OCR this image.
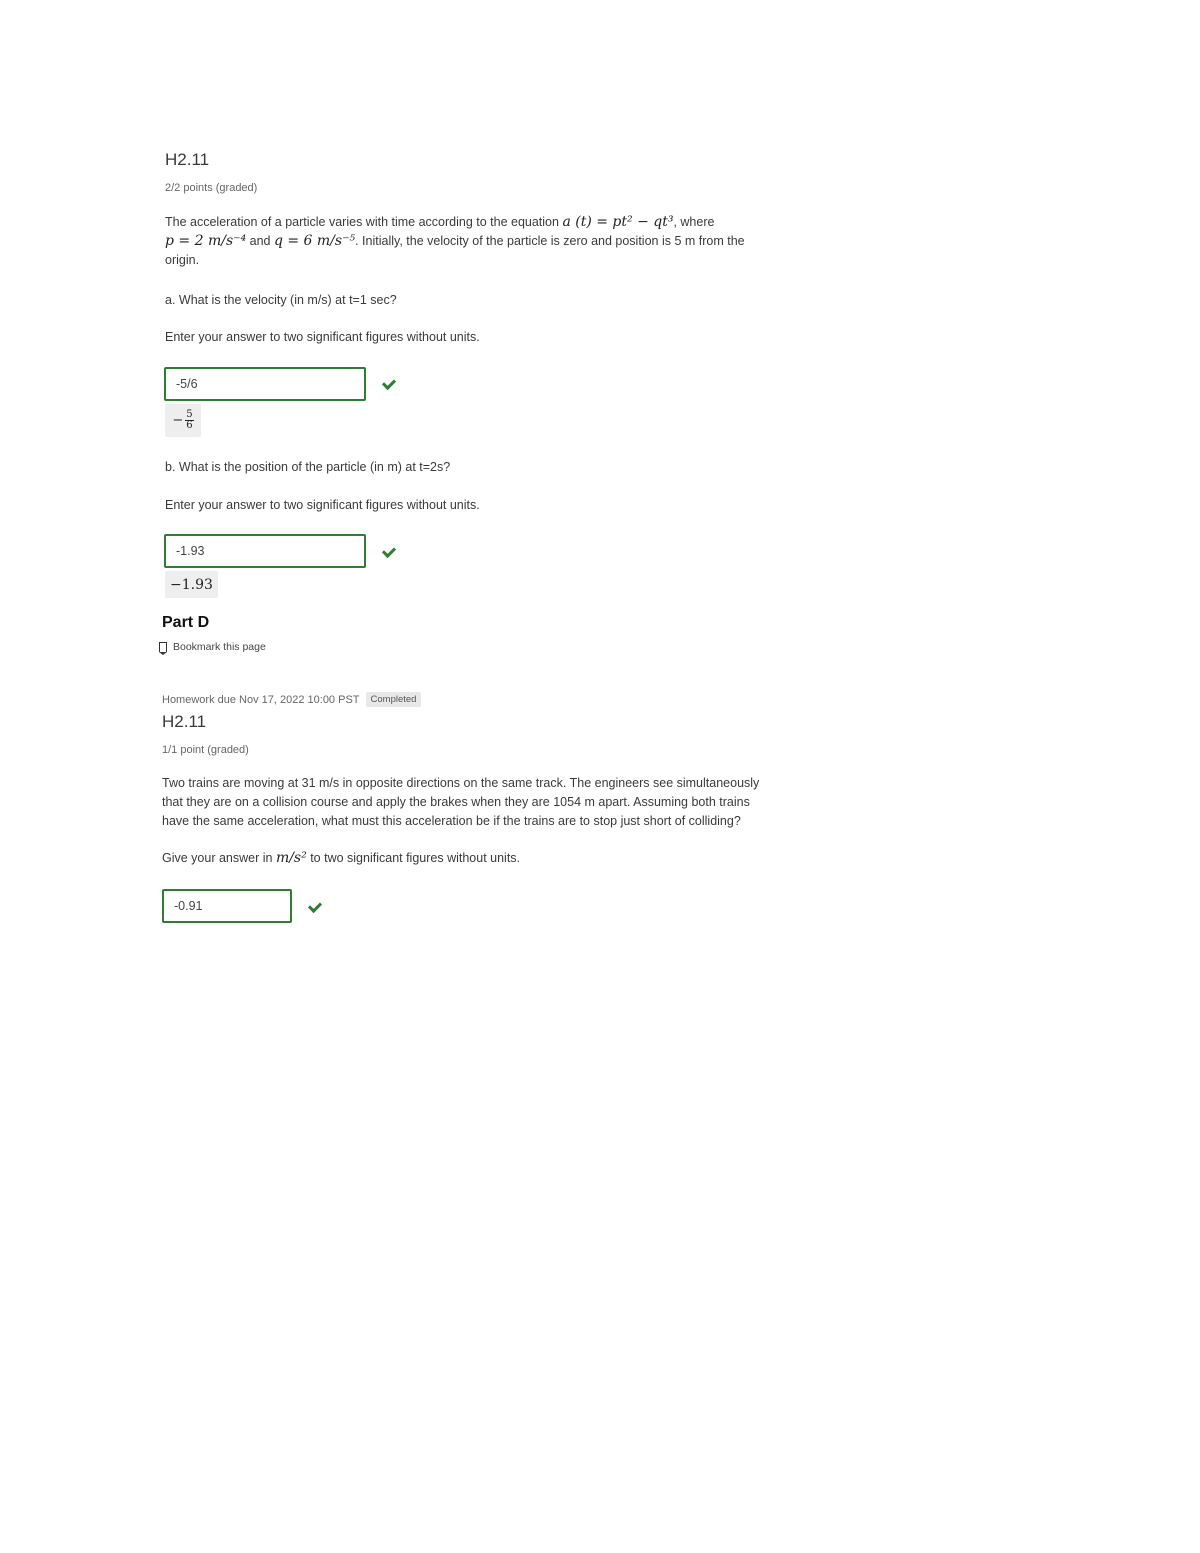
H2.11
2/2 points (graded)
The acceleration of a particle varies with time according to the equation a (t) = pt² − qt³, where
p = 2 m/s⁻⁴ and q = 6 m/s⁻⁵. Initially, the velocity of the particle is zero and position is 5 m from the
origin.
a. What is the velocity (in m/s) at t=1 sec?
Enter your answer to two significant figures without units.
-5/6
− $\frac{5}{6}$
b. What is the position of the particle (in m) at t=2s?
Enter your answer to two significant figures without units.
-1.93
−1.93
Part D
Bookmark this page
Homework due Nov 17, 2022 10:00 PST	Completed
H2.11
1/1 point (graded)
Two trains are moving at 31 m/s in opposite directions on the same track. The engineers see simultaneously
that they are on a collision course and apply the brakes when they are 1054 m apart. Assuming both trains
have the same acceleration, what must this acceleration be if the trains are to stop just short of colliding?
Give your answer in m/s² to two significant figures without units.
-0.91
